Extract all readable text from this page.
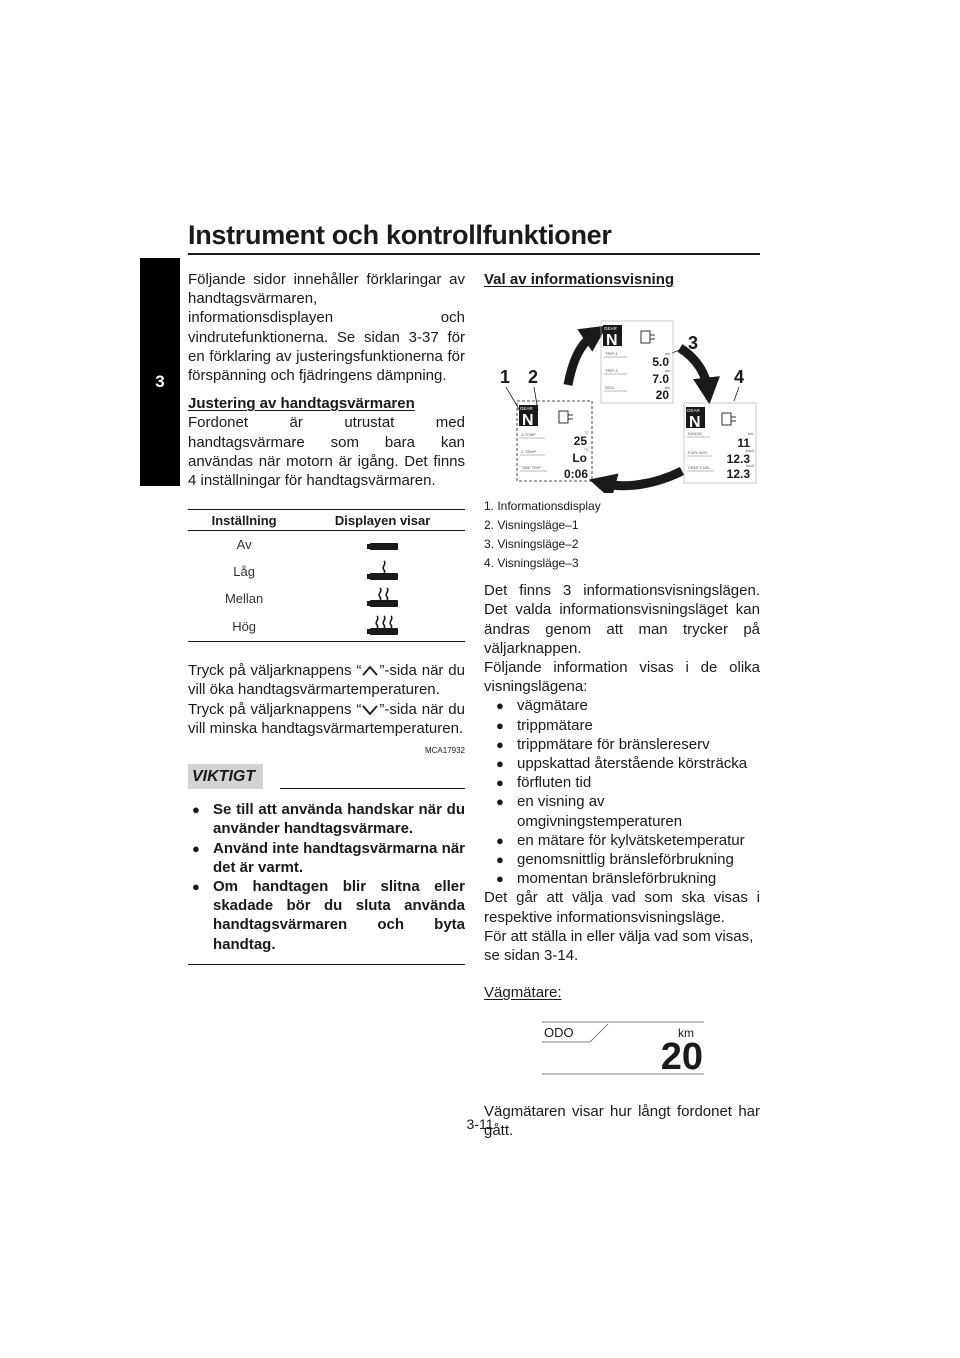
Instrument och kontrollfunktioner
3

Följande sidor innehåller förklaringar av handtagsvärmaren, informationsdisplayen och vindrutefunktionerna. Se sidan 3-37 för en förklaring av justeringsfunktionerna för förspänning och fjädringens dämpning.

Justering av handtagsvärmaren

Fordonet är utrustat med handtagsvärmare som bara kan användas när motorn är igång. Det finns 4 inställningar för handtagsvärmaren.

Inställning	Displayen visar
Av	

Låg	

Mellan	

Hög	

Tryck på väljarknappens “ ”-sida när du vill öka handtagsvärmartemperaturen.

Tryck på väljarknappens “ ”-sida när du vill minska handtagsvärmartemperaturen.

MCA17932
VIKTIGT
● Se till att använda handskar när du använder handtagsvärmare.
● Använd inte handtagsvärmarna när det är varmt.
● Om handtagen blir slitna eller skadade bör du sluta använda handtagsvärmaren och byta handtag.

Val av informationsvisning

1 2
3
4
GEAR
N
A.TEMP	°C
25
C.TEMP	°C
Lo
TIME TRIP 0:06
GEAR
N
TRIP-1	km
5.0
TRIP-2	km
7.0
ODO	km
20
GEAR
N
RANGE	km
11
FUEL AVG	km/L
12.3
CRNT FUEL	km/L
12.3

1. Informationsdisplay

2. Visningsläge–1

3. Visningsläge–2

4. Visningsläge–3

Det finns 3 informationsvisningslägen. Det valda informationsvisningsläget kan ändras genom att man trycker på väljarknappen.

Följande information visas i de olika visningslägena:

● vägmätare
● trippmätare
● trippmätare för bränslereserv
● uppskattad återstående körsträcka
● förfluten tid
● en visning av omgivningstemperaturen
● en mätare för kylvätsketemperatur
● genomsnittlig bränsleförbrukning
● momentan bränsleförbrukning

Det går att välja vad som ska visas i respektive informationsvisningsläge.

För att ställa in eller välja vad som visas, se sidan 3-14.

Vägmätare:

ODO	km
20

Vägmätaren visar hur långt fordonet har gått.

3-11
